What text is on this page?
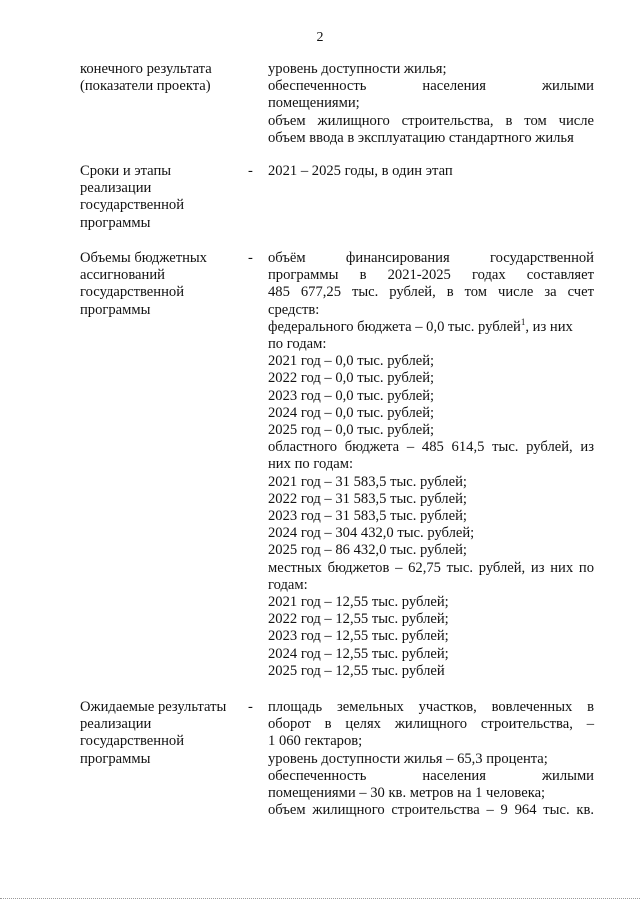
2
конечного результата
(показатели проекта)
уровень доступности жилья;
обеспеченность населения жилыми
помещениями;
объем жилищного строительства, в том числе
объем ввода в эксплуатацию стандартного жилья
Сроки и этапы
реализации
государственной
программы
- 2021 – 2025 годы, в один этап
Объемы бюджетных
ассигнований
государственной
программы
- объём финансирования государственной
программы в 2021-2025 годах составляет
485 677,25 тыс. рублей, в том числе за счет
средств:
федерального бюджета – 0,0 тыс. рублей$^1$, из них
по годам:
2021 год – 0,0 тыс. рублей;
2022 год – 0,0 тыс. рублей;
2023 год – 0,0 тыс. рублей;
2024 год – 0,0 тыс. рублей;
2025 год – 0,0 тыс. рублей;
областного бюджета – 485 614,5 тыс. рублей, из
них по годам:
2021 год – 31 583,5 тыс. рублей;
2022 год – 31 583,5 тыс. рублей;
2023 год – 31 583,5 тыс. рублей;
2024 год – 304 432,0 тыс. рублей;
2025 год – 86 432,0 тыс. рублей;
местных бюджетов – 62,75 тыс. рублей, из них по
годам:
2021 год – 12,55 тыс. рублей;
2022 год – 12,55 тыс. рублей;
2023 год – 12,55 тыс. рублей;
2024 год – 12,55 тыс. рублей;
2025 год – 12,55 тыс. рублей
Ожидаемые результаты
реализации
государственной
программы
- площадь земельных участков, вовлеченных в
оборот в целях жилищного строительства, –
1 060 гектаров;
уровень доступности жилья – 65,3 процента;
обеспеченность населения жилыми
помещениями – 30 кв. метров на 1 человека;
объем жилищного строительства – 9 964 тыс. кв.
